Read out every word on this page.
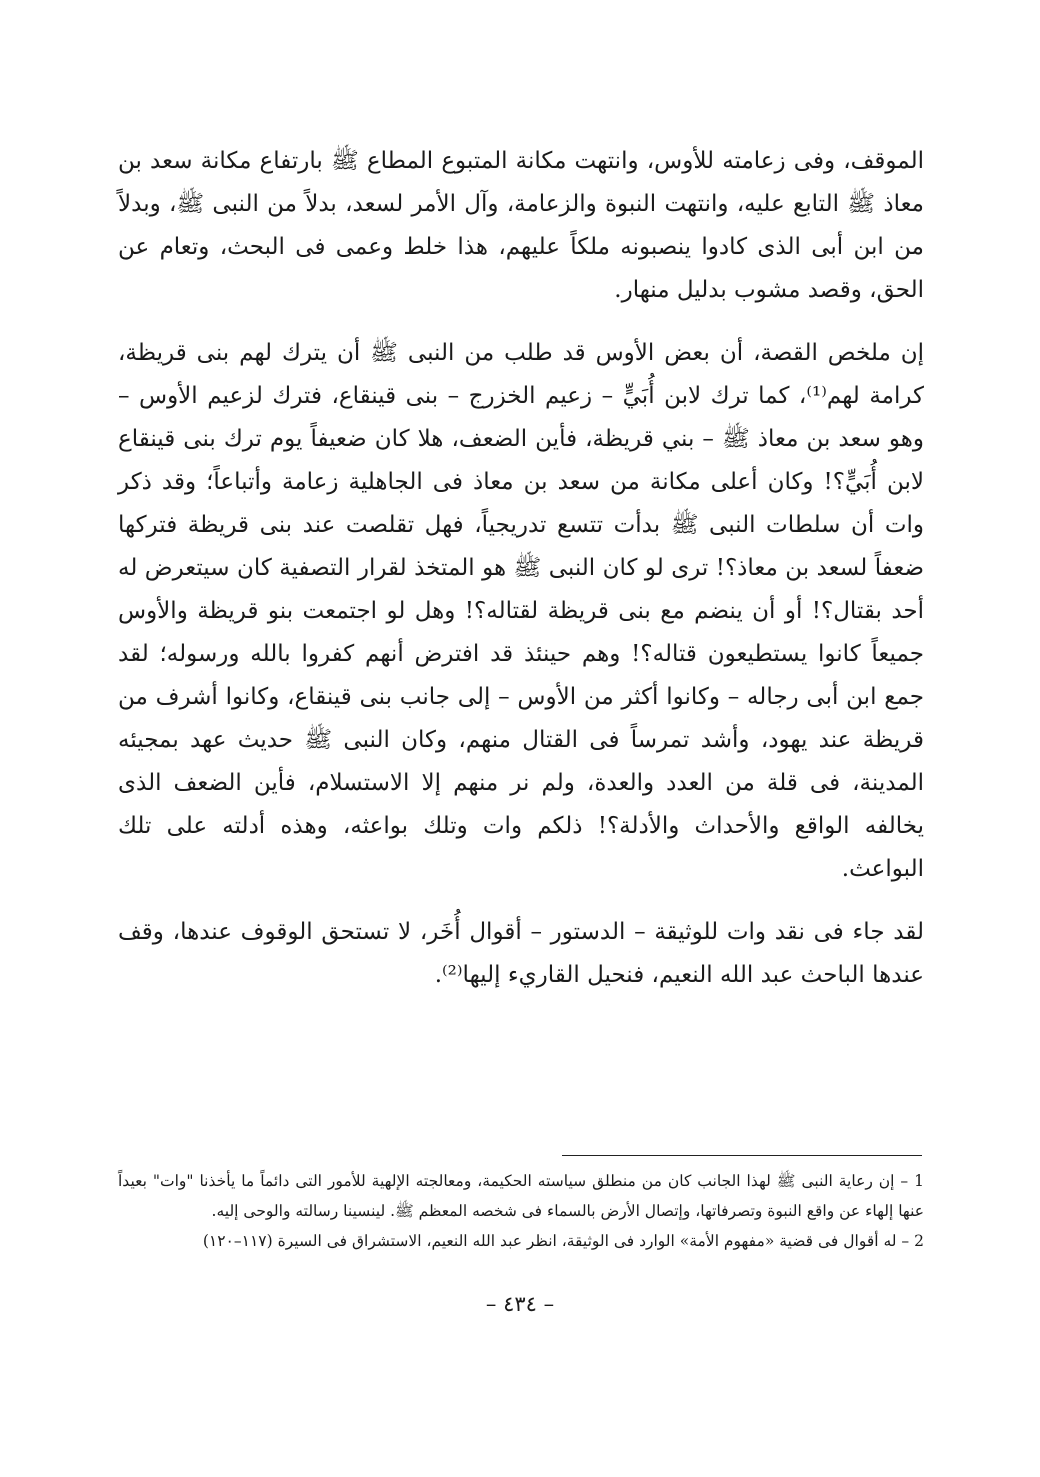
الموقف، وفى زعامته للأوس، وانتهت مكانة المتبوع المطاع ﷺ بارتفاع مكانة سعد بن معاذ ﷺ التابع عليه، وانتهت النبوة والزعامة، وآل الأمر لسعد، بدلاً من النبى ﷺ، وبدلاً من ابن أبى الذى كادوا ينصبونه ملكاً عليهم، هذا خلط وعمى فى البحث، وتعام عن الحق، وقصد مشوب بدليل منهار.

إن ملخص القصة، أن بعض الأوس قد طلب من النبى ﷺ أن يترك لهم بنى قريظة، كرامة لهم⁽¹⁾، كما ترك لابن أُبَيٍّ – زعيم الخزرج – بنى قينقاع، فترك لزعيم الأوس – وهو سعد بن معاذ ﷺ – بني قريظة، فأين الضعف، هلا كان ضعيفاً يوم ترك بنى قينقاع لابن أُبَيٍّ؟! وكان أعلى مكانة من سعد بن معاذ فى الجاهلية زعامة وأتباعاً؛ وقد ذكر وات أن سلطات النبى ﷺ بدأت تتسع تدريجياً، فهل تقلصت عند بنى قريظة فتركها ضعفاً لسعد بن معاذ؟! ترى لو كان النبى ﷺ هو المتخذ لقرار التصفية كان سيتعرض له أحد بقتال؟! أو أن ينضم مع بنى قريظة لقتاله؟! وهل لو اجتمعت بنو قريظة والأوس جميعاً كانوا يستطيعون قتاله؟! وهم حينئذ قد افترض أنهم كفروا بالله ورسوله؛ لقد جمع ابن أبى رجاله – وكانوا أكثر من الأوس – إلى جانب بنى قينقاع، وكانوا أشرف من قريظة عند يهود، وأشد تمرساً فى القتال منهم، وكان النبى ﷺ حديث عهد بمجيئه المدينة، فى قلة من العدد والعدة، ولم نر منهم إلا الاستسلام، فأين الضعف الذى يخالفه الواقع والأحداث والأدلة؟! ذلكم وات وتلك بواعثه، وهذه أدلته على تلك البواعث.

لقد جاء فى نقد وات للوثيقة – الدستور – أقوال أُخَر، لا تستحق الوقوف عندها، وقف عندها الباحث عبد الله النعيم، فنحيل القاريء إليها⁽²⁾.

1 – إن رعاية النبى ﷺ لهذا الجانب كان من منطلق سياسته الحكيمة، ومعالجته الإلهية للأمور التى دائماً ما يأخذنا "وات" بعيداً عنها إلهاء عن واقع النبوة وتصرفاتها، وإتصال الأرض بالسماء فى شخصه المعظم ﷺ. لينسينا رسالته والوحى إليه.

2 – له أقوال فى قضية «مفهوم الأمة» الوارد فى الوثيقة، انظر عبد الله النعيم، الاستشراق فى السيرة (١١٧–١٢٠)

– ٤٣٤ –
